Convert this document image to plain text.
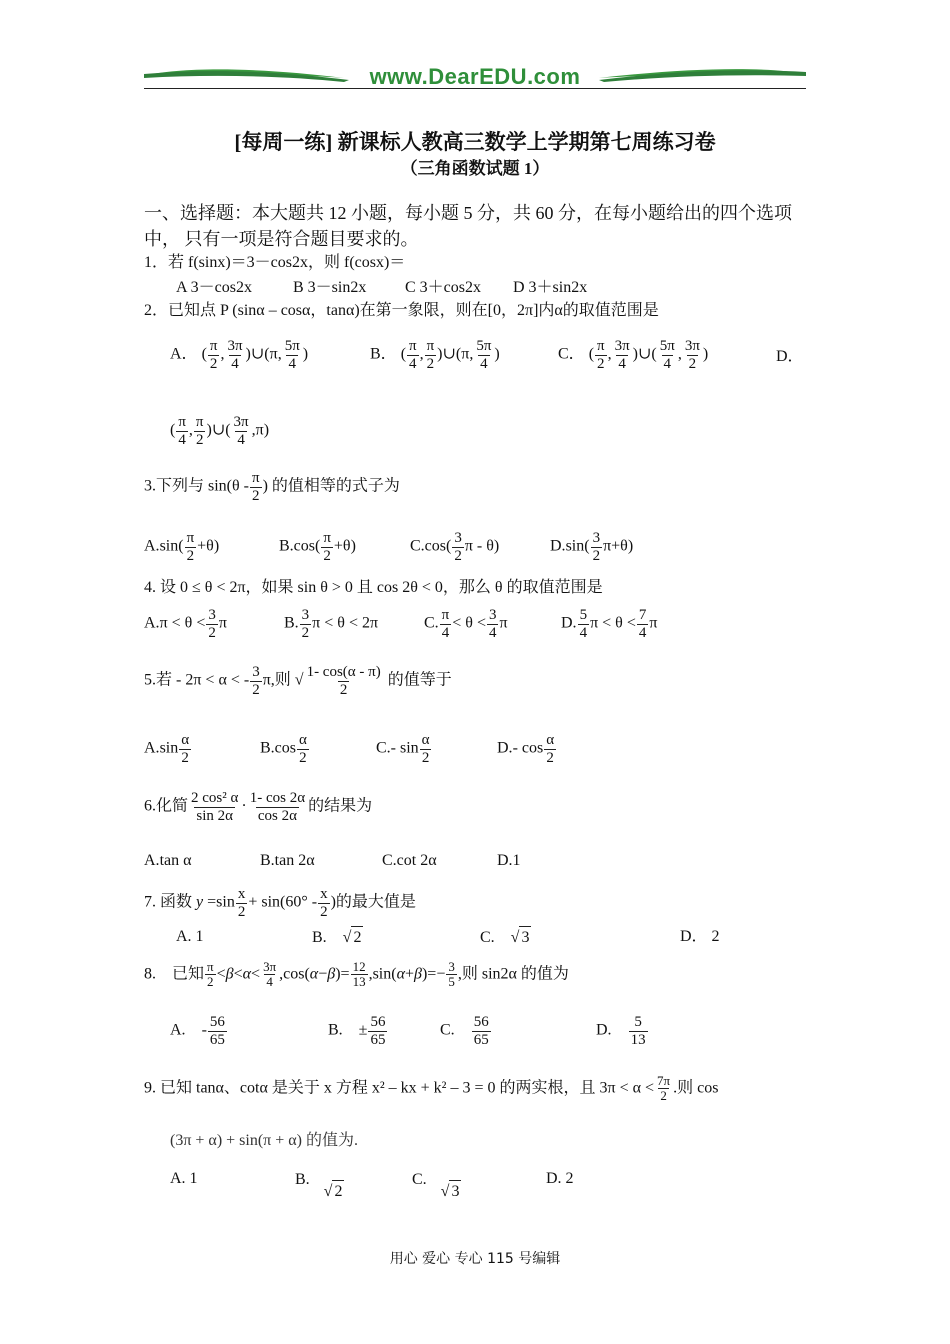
www.DearEDU.com
[每周一练] 新课标人教高三数学上学期第七周练习卷
（三角函数试题 1）
一、选择题：本大题共 12 小题，每小题 5 分，共 60 分，在每小题给出的四个选项
中， 只有一项是符合题目要求的。
1．若 f(sinx)＝3－cos2x，则 f(cosx)＝
A 3－cos2x	B 3－sin2x C 3＋cos2x D 3＋sin2x
2．已知点 P (sinα – cosα，tanα)在第一象限，则在[0，2π]内α的取值范围是
A． ( $\frac{\pi}{2}$ , $\frac{3\pi}{4}$ )∪(π, $\frac{5\pi}{4}$ )	B． ( $\frac{\pi}{4}$ , $\frac{\pi}{2}$ )∪(π, $\frac{5\pi}{4}$ )	C． ( $\frac{\pi}{2}$ , $\frac{3\pi}{4}$ )∪( $\frac{5\pi}{4}$ , $\frac{3\pi}{2}$ )	D．
( $\frac{\pi}{4}$ , $\frac{\pi}{2}$ )∪( $\frac{3\pi}{4} ,\pi$)
3.下列与 $\sin(\theta - \frac{\pi}{2}$ ) 的值相等的式子为
$A.\sin( \frac{\pi}{2} +\theta)$	$B.\cos( \frac{\pi}{2} +\theta)$	$C.\cos( \frac{3}{2}$ π - θ)	$D.\sin( \frac{3}{2} \pi+\theta)$
4. 设 0 ≤ θ < 2π，如果 sin θ > 0 且 cos 2θ < 0，那么 θ 的取值范围是
$A.\pi < \theta < \frac{3}{2}$ π	B. $\frac{3}{2}$ π < θ < 2π	C. $\frac{\pi}{4} < \theta < \frac{3}{4}$ π	D. $\frac{5}{4}$ $\pi < \theta < \frac{7}{4}$ π
5.若 - 2π < α < - $\frac{3}{2} \pi$,则 √ $\frac{1- \cos(\alpha - \pi)}{2}$ 的值等于
$A.\sin \frac{\alpha}{2}$	$B.\cos \frac{\alpha}{2}$	C.- $\sin \frac{\alpha}{2}$	D.- $\cos \frac{\alpha}{2}$
6.化简 $\frac{\text{2 cos² α}}{\sin 2\alpha} \cdot \frac{1- \cos 2\alpha}{\cos 2\alpha}$ 的结果为
A.tan α	B.tan 2α	C.cot 2α	D.1
7. 函数 $y =\sin \frac{x}{2} + \sin(60^\circ - \frac{x}{2}$ )的最大值是
A. 1	B.　√ 2	C.　√ 3	D． 2
8.　已知 $\frac{\pi}{2} <\beta<\alpha< \frac{3\pi}{4} ,\cos(\alpha-\beta)= \frac{12}{13} ,\sin(\alpha+\beta)=- \frac{3}{5}$ ,则 sin2α 的值为
A.　- $\frac{56}{65}$	B.　± $\frac{56}{65}$	C.　 $\frac{56}{65}$	D.　 $\frac{5}{13}$
9. 已知 tanα、cotα 是关于 x 方程 x² – kx + k² – 3 = 0 的两实根，且 $3\pi < \alpha < \frac{7\pi}{2}$ .则 cos
(3π + α) + sin(π + α) 的值为.
A. 1	B.√ 2
C.√ 3
D. 2
用心 爱心 专心 115 号编辑
